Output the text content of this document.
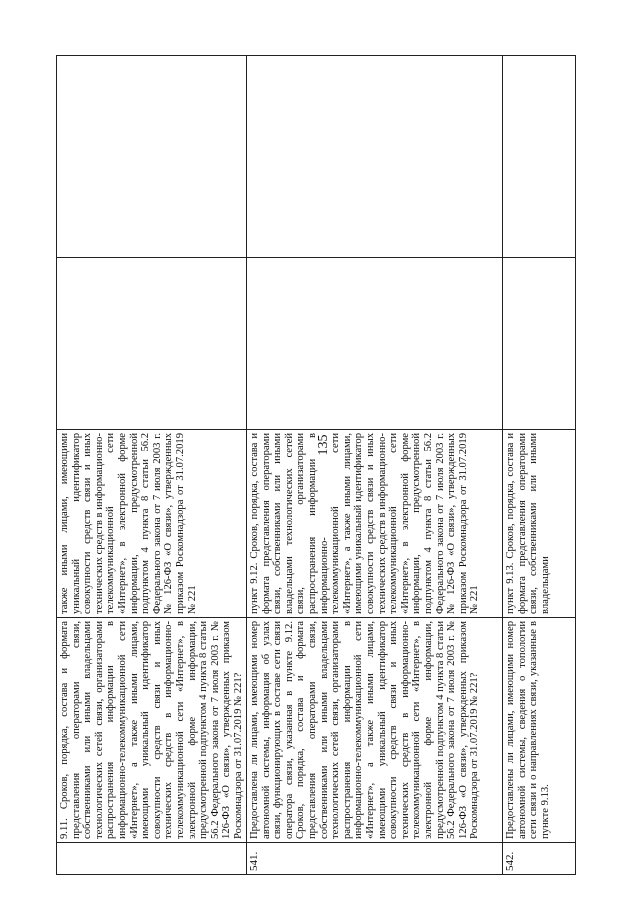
135
9.11. Сроков, порядка, состава и формата представления операторами связи, собственниками или иными владельцами технологических сетей связи, организаторами распространения информации в информационно-телекоммуникационной сети «Интернет», а также иными лицами, имеющими уникальный идентификатор совокупности средств связи и иных технических средств в информационно-телекоммуникационной сети «Интернет», в электронной форме информации, предусмотренной подпунктом 4 пункта 8 статьи 56.2 Федерального закона от 7 июля 2003 г. № 126-ФЗ «О связи», утвержденных приказом Роскомнадзора от 31.07.2019 № 221?
также иными лицами, имеющими уникальный идентификатор совокупности средств связи и иных технических средств в информационно-телекоммуникационной сети «Интернет», в электронной форме информации, предусмотренной подпунктом 4 пункта 8 статьи 56.2 Федерального закона от 7 июля 2003 г. № 126-ФЗ «О связи», утвержденных приказом Роскомнадзора от 31.07.2019 № 221
541.
Предоставлена ли лицами, имеющими номер автономной системы, информация об узлах связи, функционирующих в составе сети связи оператора связи, указанная в пункте 9.12. Сроков, порядка, состава и формата представления операторами связи, собственниками или иными владельцами технологических сетей связи, организаторами распространения информации в информационно-телекоммуникационной сети «Интернет», а также иными лицами, имеющими уникальный идентификатор совокупности средств связи и иных технических средств в информационно-телекоммуникационной сети «Интернет», в электронной форме информации, предусмотренной подпунктом 4 пункта 8 статьи 56.2 Федерального закона от 7 июля 2003 г. № 126-ФЗ «О связи», утвержденных приказом Роскомнадзора от 31.07.2019 № 221?
пункт 9.12. Сроков, порядка, состава и формата представления операторами связи, собственниками или иными владельцами технологических сетей связи, организаторами распространения информации в информационно-телекоммуникационной сети «Интернет», а также иными лицами, имеющими уникальный идентификатор совокупности средств связи и иных технических средств в информационно-телекоммуникационной сети «Интернет», в электронной форме информации, предусмотренной подпунктом 4 пункта 8 статьи 56.2 Федерального закона от 7 июля 2003 г. № 126-ФЗ «О связи», утвержденных приказом Роскомнадзора от 31.07.2019 № 221
542.
Предоставлены ли лицами, имеющими номер автономной системы, сведения о топологии сети связи и о направлениях связи, указанные в пункте 9.13.
пункт 9.13. Сроков, порядка, состава и формата представления операторами связи, собственниками или иными владельцами
